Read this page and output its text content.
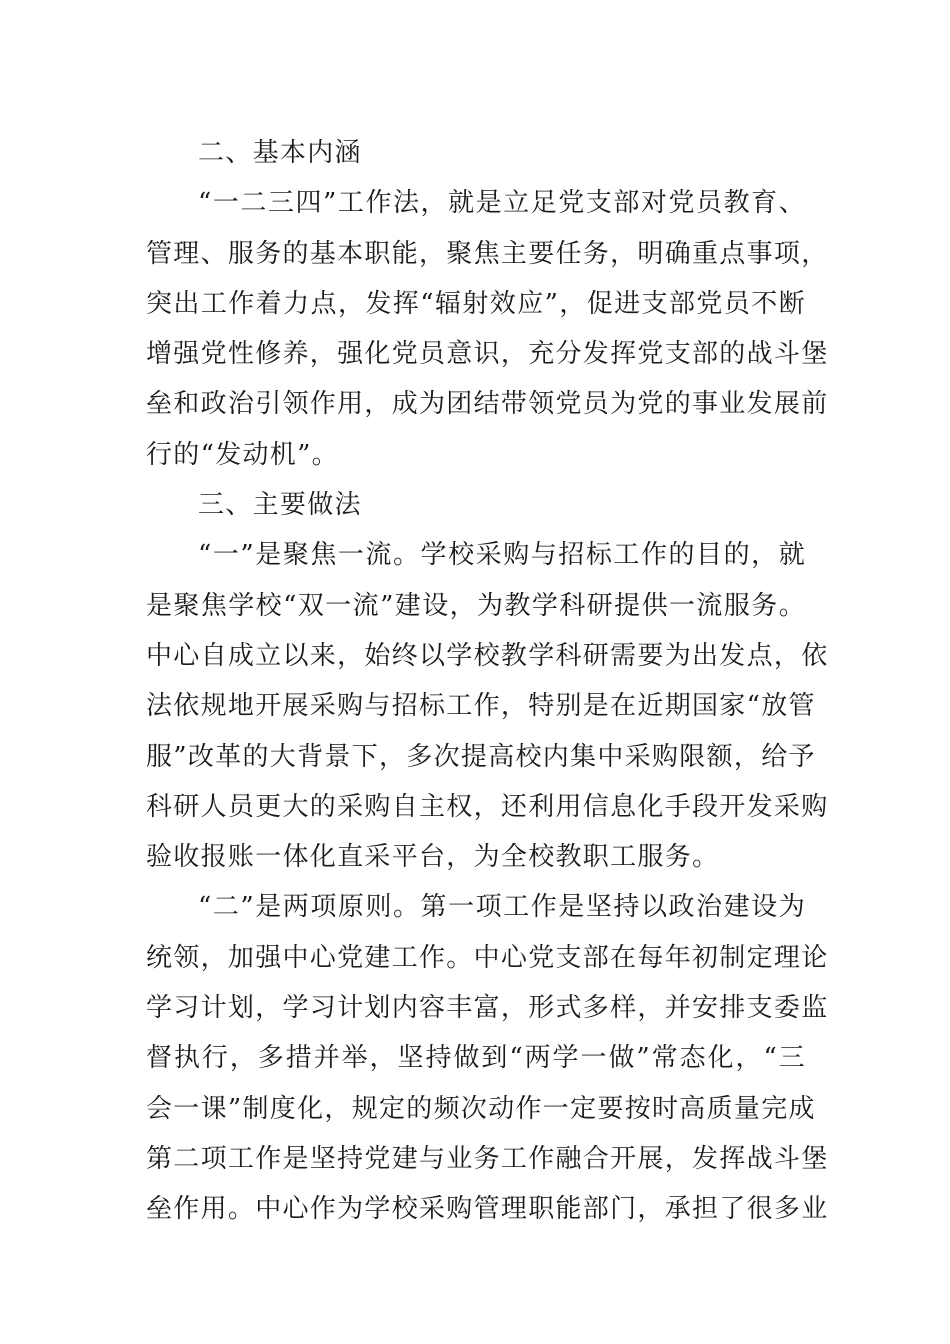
二、基本内涵
“一二三四”工作法，就是立足党支部对党员教育、
管理、服务的基本职能，聚焦主要任务，明确重点事项，
突出工作着力点，发挥“辐射效应”，促进支部党员不断
增强党性修养，强化党员意识，充分发挥党支部的战斗堡
垒和政治引领作用，成为团结带领党员为党的事业发展前
行的“发动机”。
三、主要做法
“一”是聚焦一流。学校采购与招标工作的目的，就
是聚焦学校“双一流”建设，为教学科研提供一流服务。
中心自成立以来，始终以学校教学科研需要为出发点，依
法依规地开展采购与招标工作，特别是在近期国家“放管
服”改革的大背景下，多次提高校内集中采购限额，给予
科研人员更大的采购自主权，还利用信息化手段开发采购
验收报账一体化直采平台，为全校教职工服务。
“二”是两项原则。第一项工作是坚持以政治建设为
统领，加强中心党建工作。中心党支部在每年初制定理论
学习计划，学习计划内容丰富，形式多样，并安排支委监
督执行，多措并举，坚持做到“两学一做”常态化，“三
会一课”制度化，规定的频次动作一定要按时高质量完成
第二项工作是坚持党建与业务工作融合开展，发挥战斗堡
垒作用。中心作为学校采购管理职能部门，承担了很多业
